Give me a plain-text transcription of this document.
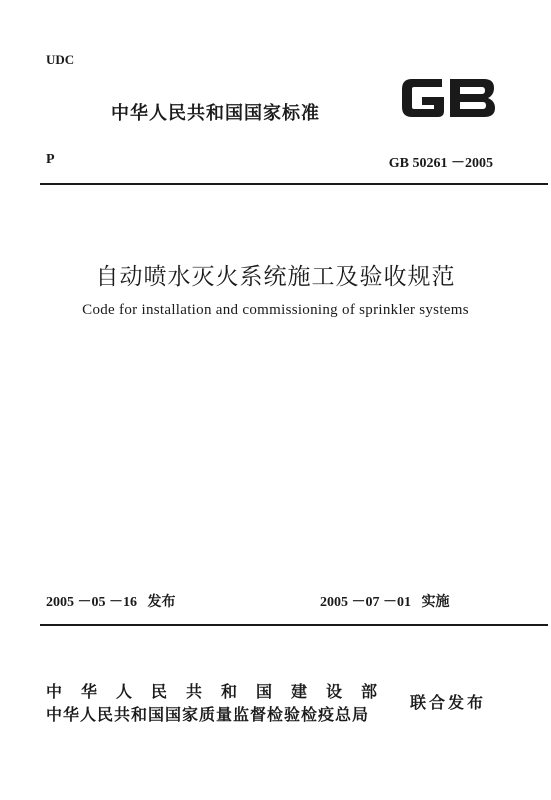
UDC
中华人民共和国国家标准
P	GB 50261 －2005
自动喷水灭火系统施工及验收规范
Code for installation and commissioning of sprinkler systems
2005 －05 －16   发布	2005 －07 －01   实施
中华人民共和国建设部
中华人民共和国国家质量监督检验检疫总局
联合发布
